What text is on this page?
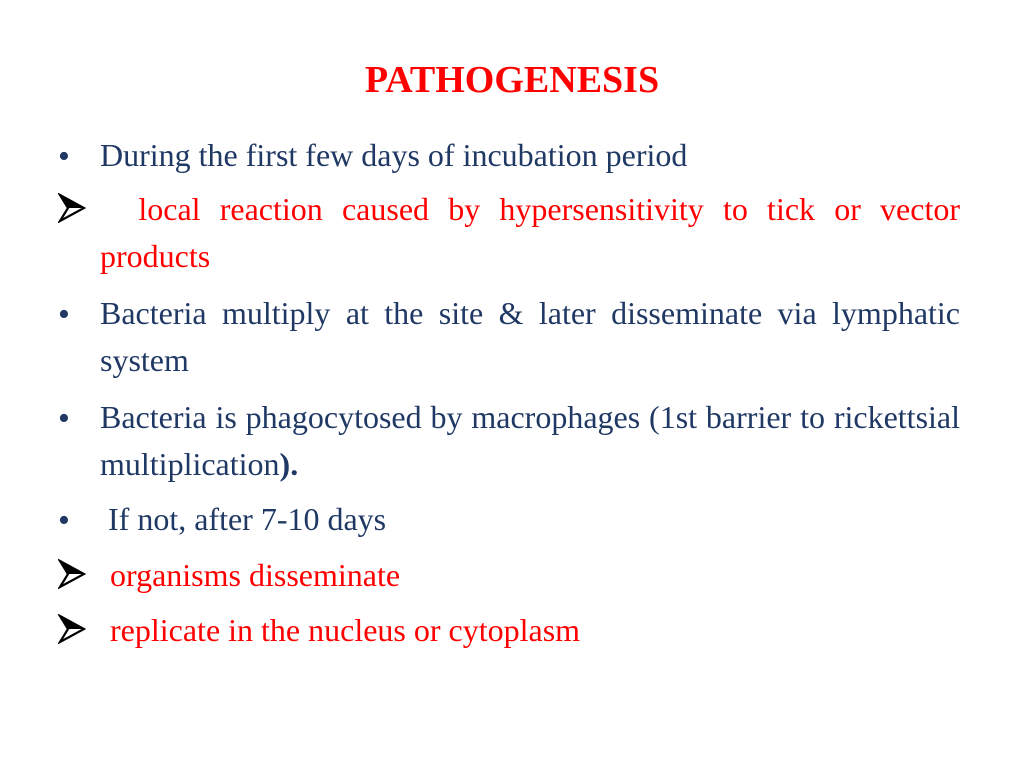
PATHOGENESIS
• During the first few days of incubation period
local reaction caused by hypersensitivity to tick or vector products
• Bacteria multiply at the site & later disseminate via lymphatic   system
• Bacteria is phagocytosed by macrophages (1st barrier to rickettsial multiplication).
• If not, after 7-10 days
organisms disseminate
replicate in the nucleus or cytoplasm
